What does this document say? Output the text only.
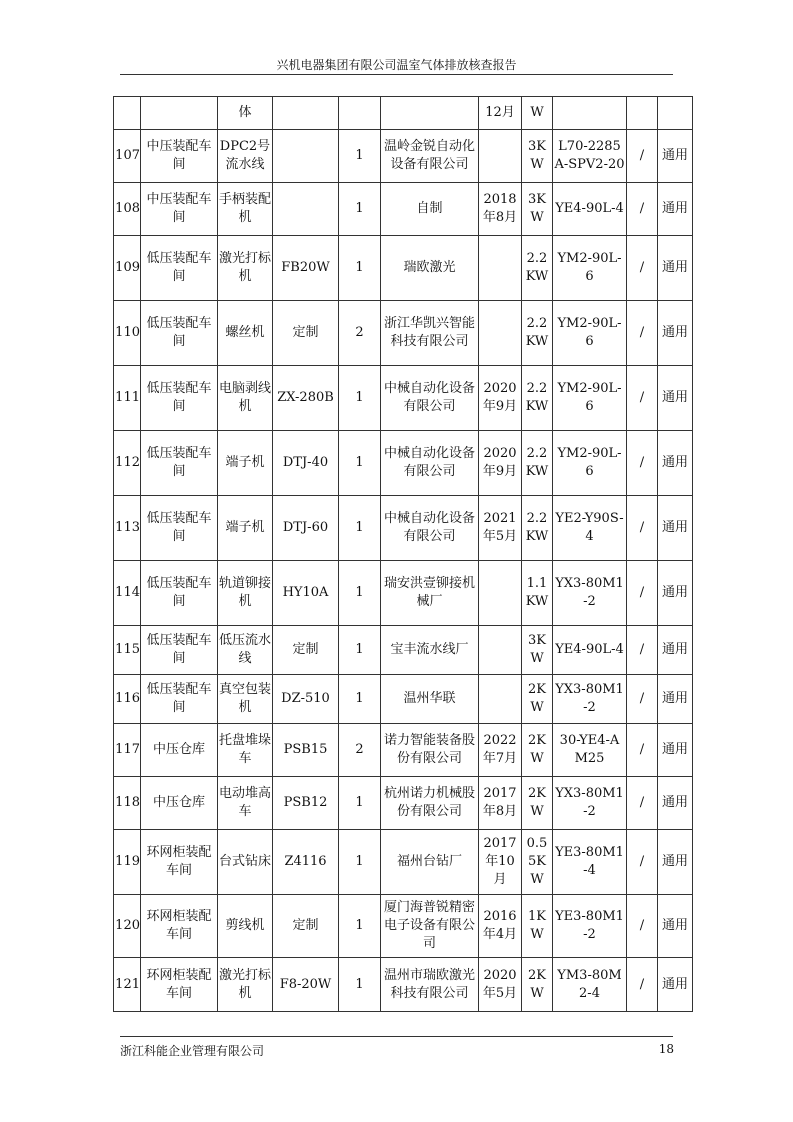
兴机电器集团有限公司温室气体排放核查报告
		体				12月	W			
107	中压装配车间	DPC2号流水线		1	温岭金锐自动化设备有限公司		3KW	L70-2285A-SPV2-20	/	通用
108	中压装配车间	手柄装配机		1	自制	2018年8月	3KW	YE4-90L-4	/	通用
109	低压装配车间	激光打标机	FB20W	1	瑞欧激光		2.2KW	YM2-90L-6	/	通用
110	低压装配车间	螺丝机	定制	2	浙江华凯兴智能科技有限公司		2.2KW	YM2-90L-6	/	通用
111	低压装配车间	电脑剥线机	ZX-280B	1	中械自动化设备有限公司	2020年9月	2.2KW	YM2-90L-6	/	通用
112	低压装配车间	端子机	DTJ-40	1	中械自动化设备有限公司	2020年9月	2.2KW	YM2-90L-6	/	通用
113	低压装配车间	端子机	DTJ-60	1	中械自动化设备有限公司	2021年5月	2.2KW	YE2-Y90S-4	/	通用
114	低压装配车间	轨道铆接机	HY10A	1	瑞安洪壹铆接机械厂		1.1KW	YX3-80M1-2	/	通用
115	低压装配车间	低压流水线	定制	1	宝丰流水线厂		3KW	YE4-90L-4	/	通用
116	低压装配车间	真空包装机	DZ-510	1	温州华联		2KW	YX3-80M1-2	/	通用
117	中压仓库	托盘堆垛车	PSB15	2	诺力智能装备股份有限公司	2022年7月	2KW	30-YE4-AM25	/	通用
118	中压仓库	电动堆高车	PSB12	1	杭州诺力机械股份有限公司	2017年8月	2KW	YX3-80M1-2	/	通用
119	环网柜装配车间	台式钻床	Z4116	1	福州台钻厂	2017年10月	0.55KW	YE3-80M1-4	/	通用
120	环网柜装配车间	剪线机	定制	1	厦门海普锐精密电子设备有限公司	2016年4月	1KW	YE3-80M1-2	/	通用
121	环网柜装配车间	激光打标机	F8-20W	1	温州市瑞欧激光科技有限公司	2020年5月	2KW	YM3-80M2-4	/	通用
浙江科能企业管理有限公司	18
